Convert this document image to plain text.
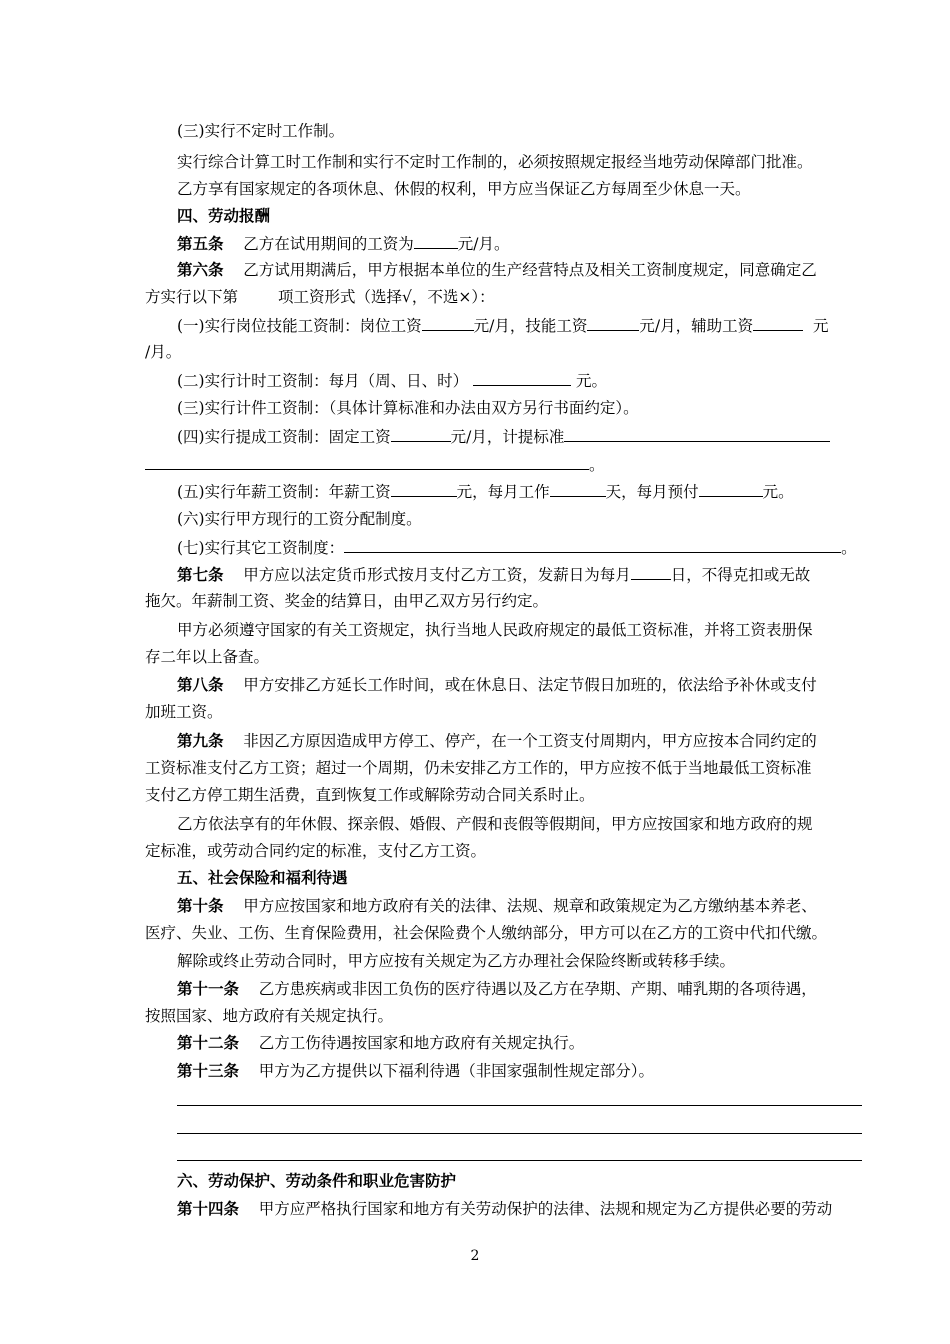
(三)实行不定时工作制。
实行综合计算工时工作制和实行不定时工作制的，必须按照规定报经当地劳动保障部门批准。
乙方享有国家规定的各项休息、休假的权利，甲方应当保证乙方每周至少休息一天。
四、劳动报酬
第五条 乙方在试用期间的工资为	元/月。
第六条 乙方试用期满后，甲方根据本单位的生产经营特点及相关工资制度规定，同意确定乙
方实行以下第	项工资形式（选择√，不选×）：
(一)实行岗位技能工资制：岗位工资	元/月，技能工资	元/月，辅助工资	元
/月。
(二)实行计时工资制：每月（周、日、时）	元。
(三)实行计件工资制：（具体计算标准和办法由双方另行书面约定）。
(四)实行提成工资制：固定工资	元/月，计提标准
。
(五)实行年薪工资制：年薪工资	元，每月工作	天，每月预付	元。
(六)实行甲方现行的工资分配制度。
(七)实行其它工资制度：	。
第七条 甲方应以法定货币形式按月支付乙方工资，发薪日为每月	日，不得克扣或无故
拖欠。年薪制工资、奖金的结算日，由甲乙双方另行约定。
甲方必须遵守国家的有关工资规定，执行当地人民政府规定的最低工资标准，并将工资表册保
存二年以上备查。
第八条 甲方安排乙方延长工作时间，或在休息日、法定节假日加班的，依法给予补休或支付
加班工资。
第九条 非因乙方原因造成甲方停工、停产，在一个工资支付周期内，甲方应按本合同约定的
工资标准支付乙方工资；超过一个周期，仍未安排乙方工作的，甲方应按不低于当地最低工资标准
支付乙方停工期生活费，直到恢复工作或解除劳动合同关系时止。
乙方依法享有的年休假、探亲假、婚假、产假和丧假等假期间，甲方应按国家和地方政府的规
定标准，或劳动合同约定的标准，支付乙方工资。
五、社会保险和福利待遇
第十条 甲方应按国家和地方政府有关的法律、法规、规章和政策规定为乙方缴纳基本养老、
医疗、失业、工伤、生育保险费用，社会保险费个人缴纳部分，甲方可以在乙方的工资中代扣代缴。
解除或终止劳动合同时，甲方应按有关规定为乙方办理社会保险终断或转移手续。
第十一条 乙方患疾病或非因工负伤的医疗待遇以及乙方在孕期、产期、哺乳期的各项待遇，
按照国家、地方政府有关规定执行。
第十二条 乙方工伤待遇按国家和地方政府有关规定执行。
第十三条 甲方为乙方提供以下福利待遇（非国家强制性规定部分）。
六、劳动保护、劳动条件和职业危害防护
第十四条 甲方应严格执行国家和地方有关劳动保护的法律、法规和规定为乙方提供必要的劳动
2
